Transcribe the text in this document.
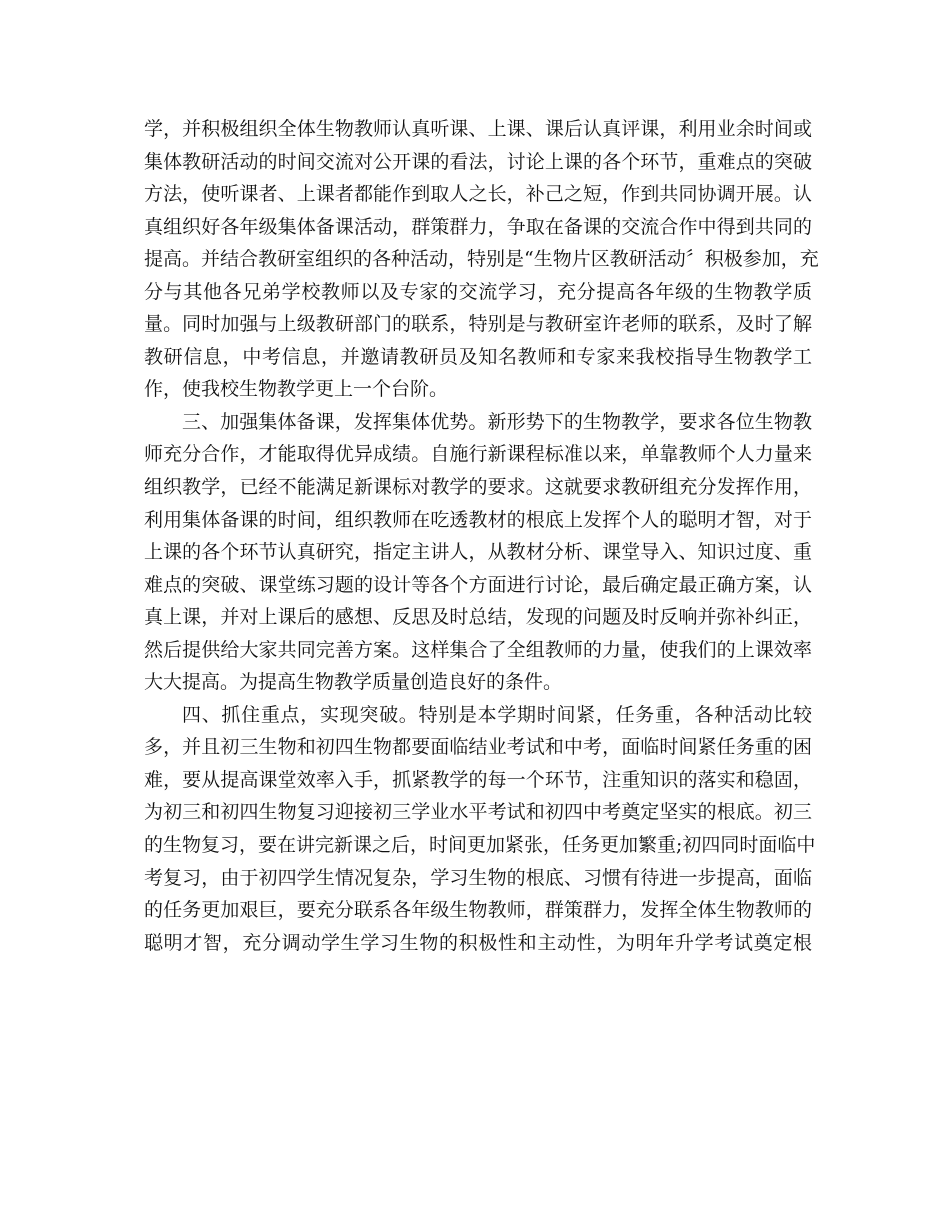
学，并积极组织全体生物教师认真听课、上课、课后认真评课，利用业余时间或
集体教研活动的时间交流对公开课的看法，讨论上课的各个环节，重难点的突破
方法，使听课者、上课者都能作到取人之长，补己之短，作到共同协调开展。认
真组织好各年级集体备课活动，群策群力，争取在备课的交流合作中得到共同的
提高。并结合教研室组织的各种活动，特别是“生物片区教研活动〞积极参加，充
分与其他各兄弟学校教师以及专家的交流学习，充分提高各年级的生物教学质
量。同时加强与上级教研部门的联系，特别是与教研室许老师的联系，及时了解
教研信息，中考信息，并邀请教研员及知名教师和专家来我校指导生物教学工
作，使我校生物教学更上一个台阶。
三、加强集体备课，发挥集体优势。新形势下的生物教学，要求各位生物教
师充分合作，才能取得优异成绩。自施行新课程标准以来，单靠教师个人力量来
组织教学，已经不能满足新课标对教学的要求。这就要求教研组充分发挥作用，
利用集体备课的时间，组织教师在吃透教材的根底上发挥个人的聪明才智，对于
上课的各个环节认真研究，指定主讲人，从教材分析、课堂导入、知识过度、重
难点的突破、课堂练习题的设计等各个方面进行讨论，最后确定最正确方案，认
真上课，并对上课后的感想、反思及时总结，发现的问题及时反响并弥补纠正，
然后提供给大家共同完善方案。这样集合了全组教师的力量，使我们的上课效率
大大提高。为提高生物教学质量创造良好的条件。
四、抓住重点，实现突破。特别是本学期时间紧，任务重，各种活动比较
多，并且初三生物和初四生物都要面临结业考试和中考，面临时间紧任务重的困
难，要从提高课堂效率入手，抓紧教学的每一个环节，注重知识的落实和稳固，
为初三和初四生物复习迎接初三学业水平考试和初四中考奠定坚实的根底。初三
的生物复习，要在讲完新课之后，时间更加紧张，任务更加繁重;初四同时面临中
考复习，由于初四学生情况复杂，学习生物的根底、习惯有待进一步提高，面临
的任务更加艰巨，要充分联系各年级生物教师，群策群力，发挥全体生物教师的
聪明才智，充分调动学生学习生物的积极性和主动性，为明年升学考试奠定根
